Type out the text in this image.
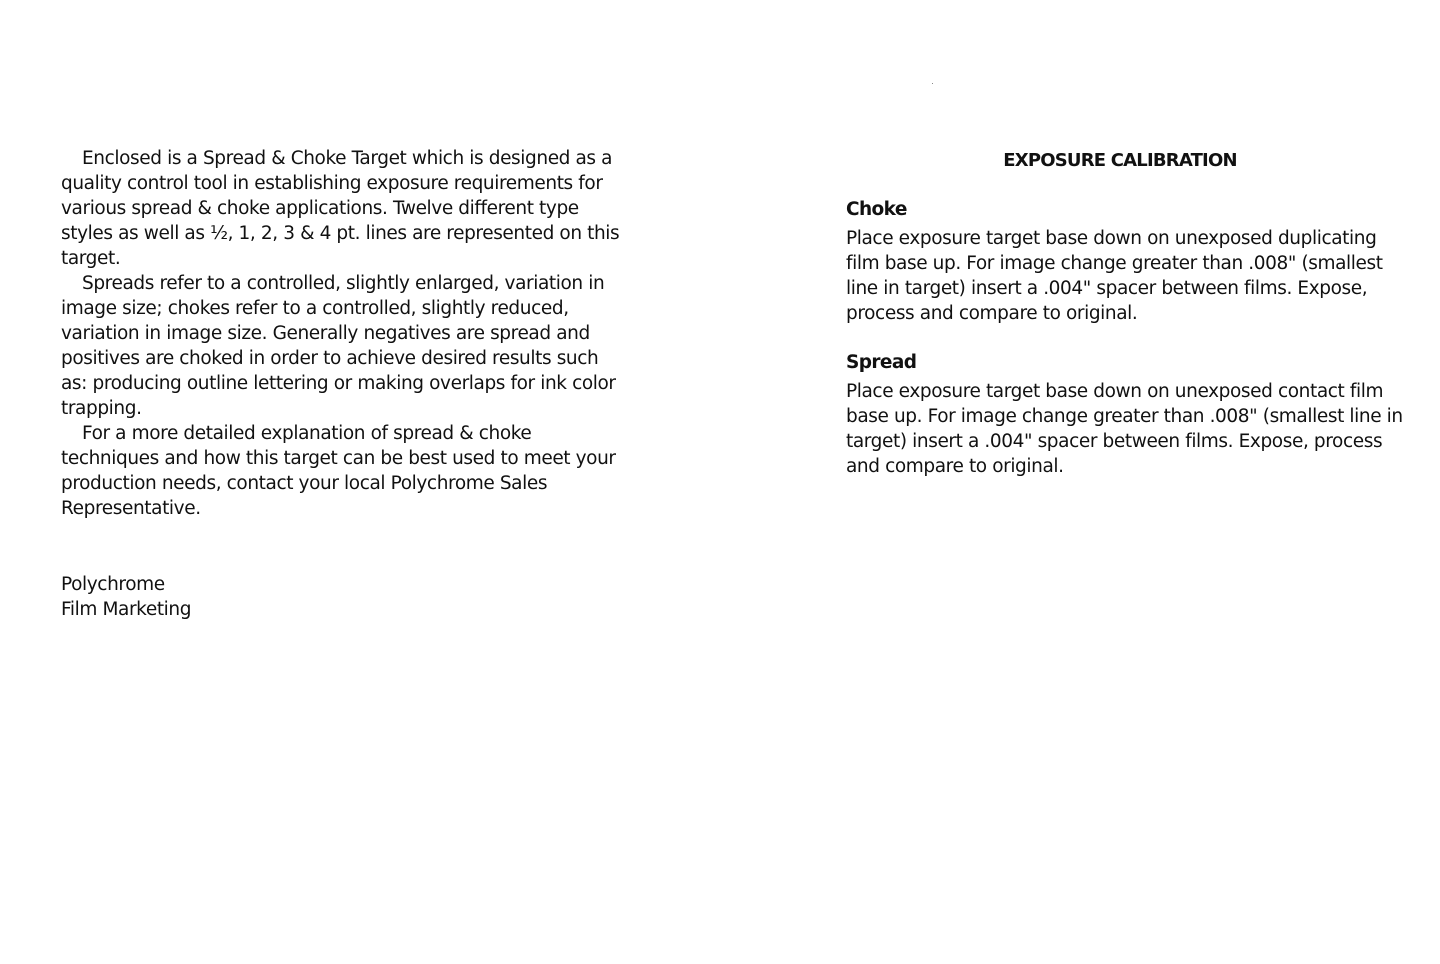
Enclosed is a Spread & Choke Target which is designed as a quality control tool in establishing exposure requirements for various spread & choke applications. Twelve different type styles as well as ½, 1, 2, 3 & 4 pt. lines are represented on this target.

Spreads refer to a controlled, slightly enlarged, variation in image size; chokes refer to a controlled, slightly reduced, variation in image size. Generally negatives are spread and positives are choked in order to achieve desired results such as: producing outline lettering or making overlaps for ink color trapping.

For a more detailed explanation of spread & choke techniques and how this target can be best used to meet your production needs, contact your local Polychrome Sales Representative.

Polychrome
Film Marketing
EXPOSURE CALIBRATION
Choke

Place exposure target base down on unexposed duplicating film base up. For image change greater than .008" (smallest line in target) insert a .004" spacer between films. Expose, process and compare to original.

Spread

Place exposure target base down on unexposed contact film base up. For image change greater than .008" (smallest line in target) insert a .004" spacer between films. Expose, process and compare to original.
